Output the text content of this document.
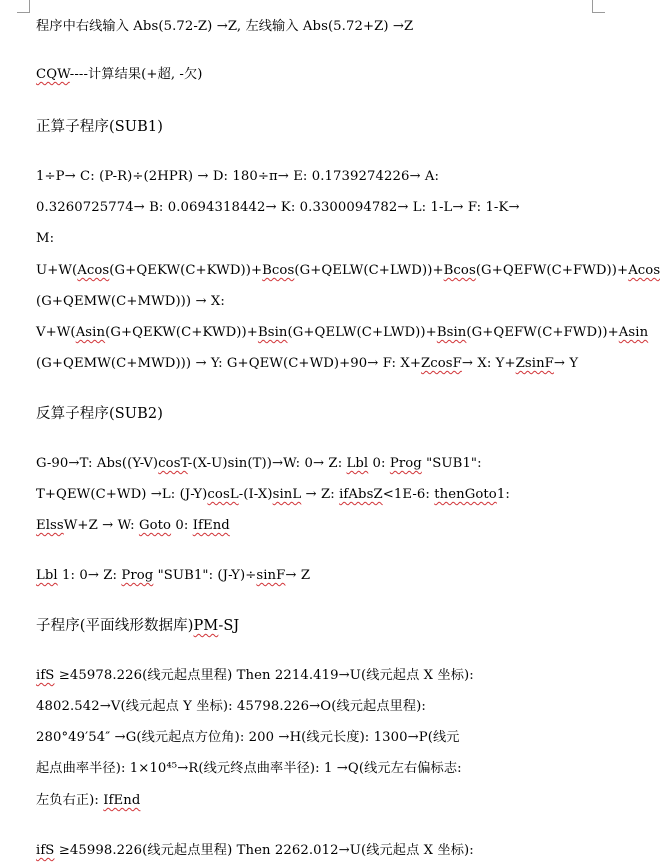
程序中右线输入 Abs(5.72-Z) →Z, 左线输入 Abs(5.72+Z) →Z
CQW----计算结果(+超, -欠)
正算子程序(SUB1)
1÷P→ C: (P-R)÷(2HPR) → D: 180÷π→ E: 0.1739274226→ A:
0.3260725774→ B: 0.0694318442→ K: 0.3300094782→ L: 1-L→ F: 1-K→
M:
U+W(Acos(G+QEKW(C+KWD))+Bcos(G+QELW(C+LWD))+Bcos(G+QEFW(C+FWD))+Acos
(G+QEMW(C+MWD))) → X:
V+W(Asin(G+QEKW(C+KWD))+Bsin(G+QELW(C+LWD))+Bsin(G+QEFW(C+FWD))+Asin
(G+QEMW(C+MWD))) → Y: G+QEW(C+WD)+90→ F: X+ZcosF→ X: Y+ZsinF→ Y
反算子程序(SUB2)
G-90→T: Abs((Y-V)cosT-(X-U)sin(T))→W: 0→ Z: Lbl 0: Prog "SUB1":
T+QEW(C+WD) →L: (J-Y)cosL-(I-X)sinL → Z: ifAbsZ<1E-6: thenGoto1:
ElssW+Z → W: Goto 0: IfEnd
Lbl 1: 0→ Z: Prog "SUB1": (J-Y)÷sinF→ Z
子程序(平面线形数据库)PM-SJ
ifS ≥45978.226(线元起点里程) Then 2214.419→U(线元起点 X 坐标):
4802.542→V(线元起点 Y 坐标): 45798.226→O(线元起点里程):
280°49′54″ →G(线元起点方位角): 200 →H(线元长度): 1300→P(线元
起点曲率半径): 1×10⁴⁵→R(线元终点曲率半径): 1 →Q(线元左右偏标志:
左负右正): IfEnd
ifS ≥45998.226(线元起点里程) Then 2262.012→U(线元起点 X 坐标):
